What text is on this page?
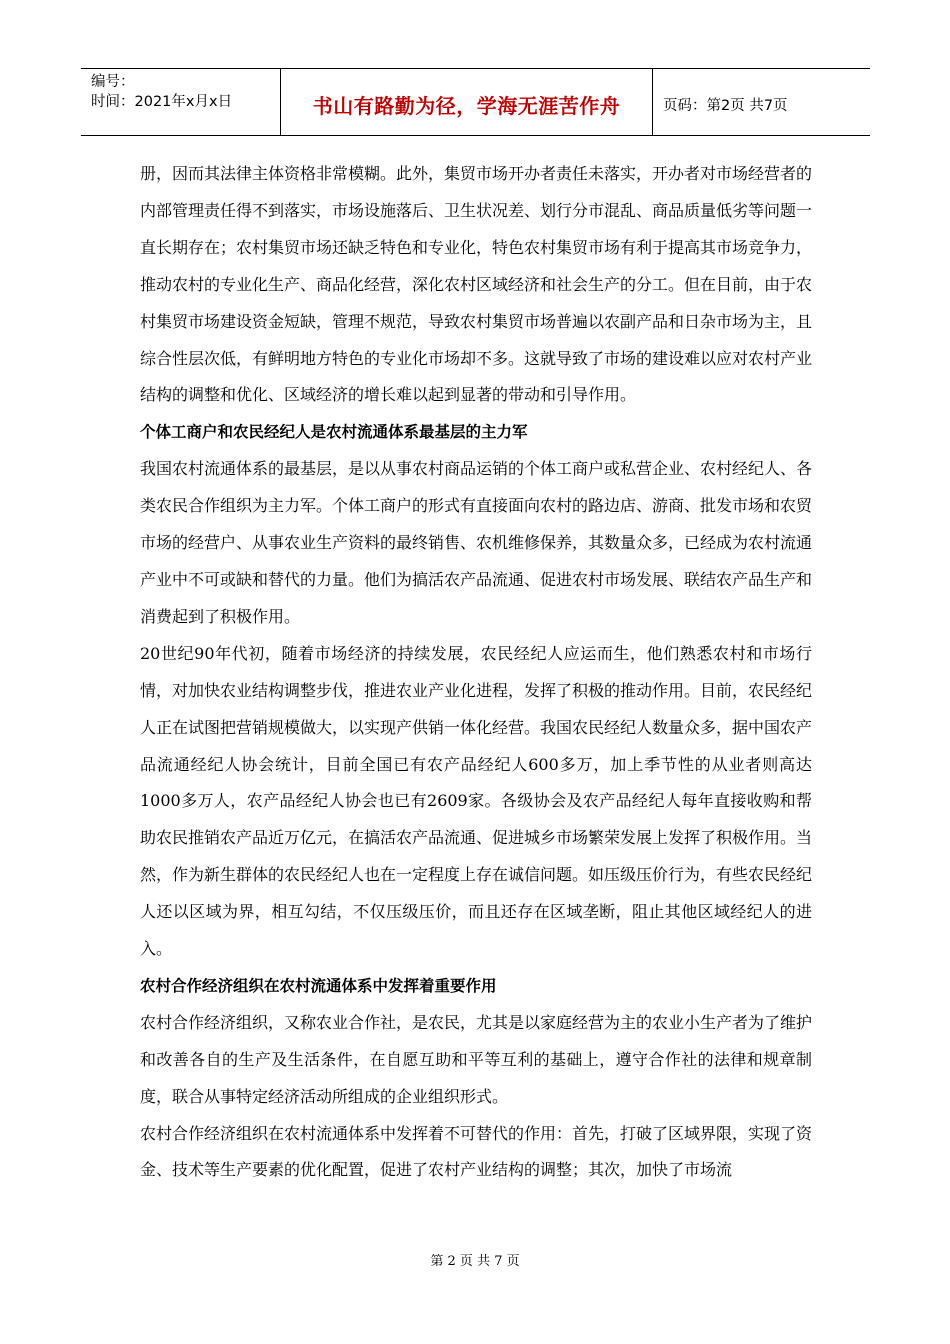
编号：
时间：2021年x月x日	书山有路勤为径，学海无涯苦作舟	页码：第2页 共7页

册，因而其法律主体资格非常模糊。此外，集贸市场开办者责任未落实，开办者对市场经营者的内部管理责任得不到落实，市场设施落后、卫生状况差、划行分市混乱、商品质量低劣等问题一直长期存在；农村集贸市场还缺乏特色和专业化，特色农村集贸市场有利于提高其市场竞争力，推动农村的专业化生产、商品化经营，深化农村区域经济和社会生产的分工。但在目前，由于农村集贸市场建设资金短缺，管理不规范，导致农村集贸市场普遍以农副产品和日杂市场为主，且综合性层次低，有鲜明地方特色的专业化市场却不多。这就导致了市场的建设难以应对农村产业结构的调整和优化、区域经济的增长难以起到显著的带动和引导作用。

个体工商户和农民经纪人是农村流通体系最基层的主力军

我国农村流通体系的最基层，是以从事农村商品运销的个体工商户或私营企业、农村经纪人、各类农民合作组织为主力军。个体工商户的形式有直接面向农村的路边店、游商、批发市场和农贸市场的经营户、从事农业生产资料的最终销售、农机维修保养，其数量众多，已经成为农村流通产业中不可或缺和替代的力量。他们为搞活农产品流通、促进农村市场发展、联结农产品生产和消费起到了积极作用。

20世纪90年代初，随着市场经济的持续发展，农民经纪人应运而生，他们熟悉农村和市场行情，对加快农业结构调整步伐，推进农业产业化进程，发挥了积极的推动作用。目前，农民经纪人正在试图把营销规模做大，以实现产供销一体化经营。我国农民经纪人数量众多，据中国农产品流通经纪人协会统计，目前全国已有农产品经纪人600多万，加上季节性的从业者则高达1000多万人，农产品经纪人协会也已有2609家。各级协会及农产品经纪人每年直接收购和帮助农民推销农产品近万亿元，在搞活农产品流通、促进城乡市场繁荣发展上发挥了积极作用。当然，作为新生群体的农民经纪人也在一定程度上存在诚信问题。如压级压价行为，有些农民经纪人还以区域为界，相互勾结，不仅压级压价，而且还存在区域垄断，阻止其他区域经纪人的进入。

农村合作经济组织在农村流通体系中发挥着重要作用

农村合作经济组织，又称农业合作社，是农民，尤其是以家庭经营为主的农业小生产者为了维护和改善各自的生产及生活条件，在自愿互助和平等互利的基础上，遵守合作社的法律和规章制度，联合从事特定经济活动所组成的企业组织形式。

农村合作经济组织在农村流通体系中发挥着不可替代的作用：首先，打破了区域界限，实现了资金、技术等生产要素的优化配置，促进了农村产业结构的调整；其次，加快了市场流

第 2 页 共 7 页
